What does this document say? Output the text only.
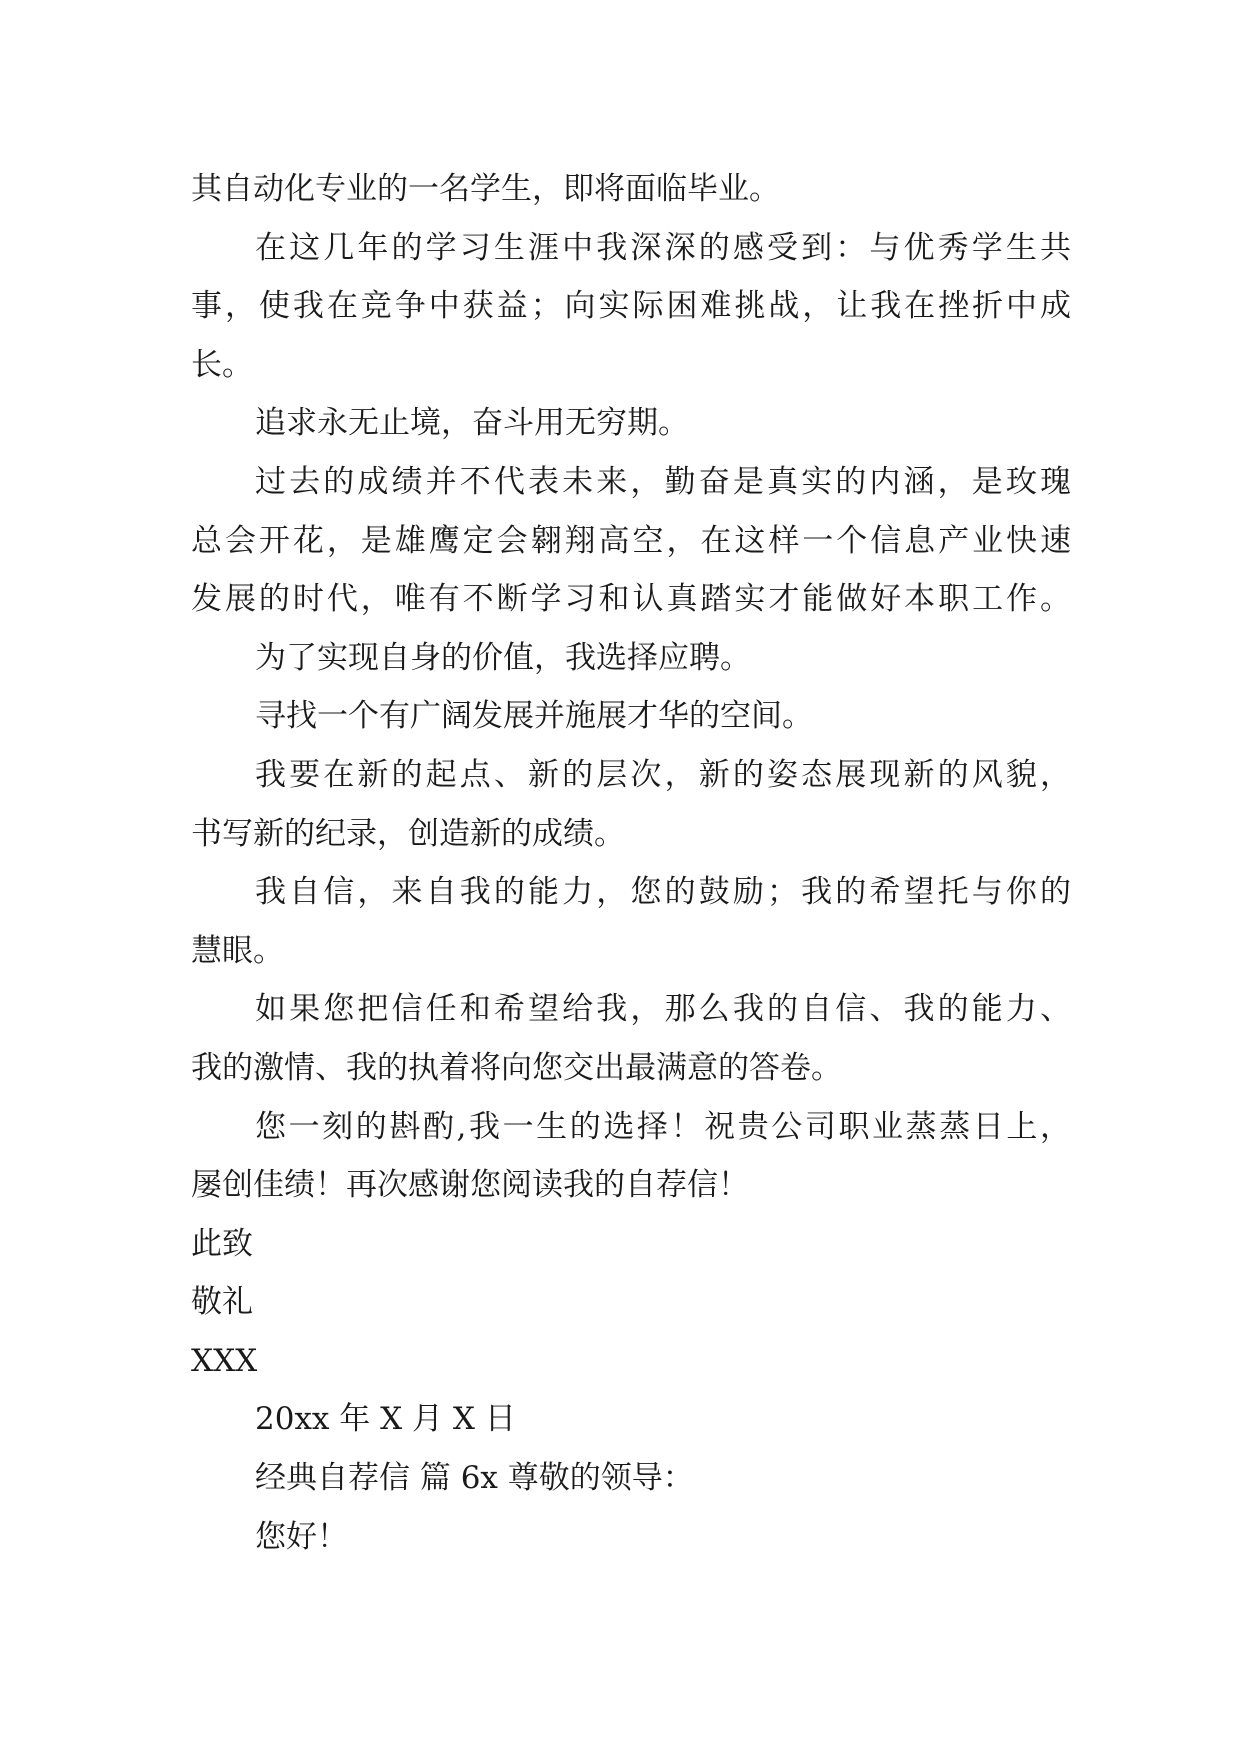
其自动化专业的一名学生，即将面临毕业。
在这几年的学习生涯中我深深的感受到：与优秀学生共
事，使我在竞争中获益；向实际困难挑战，让我在挫折中成
长。
追求永无止境，奋斗用无穷期。
过去的成绩并不代表未来，勤奋是真实的内涵，是玫瑰
总会开花，是雄鹰定会翱翔高空，在这样一个信息产业快速
发展的时代，唯有不断学习和认真踏实才能做好本职工作。
为了实现自身的价值，我选择应聘。
寻找一个有广阔发展并施展才华的空间。
我要在新的起点、新的层次，新的姿态展现新的风貌，
书写新的纪录，创造新的成绩。
我自信，来自我的能力，您的鼓励；我的希望托与你的
慧眼。
如果您把信任和希望给我，那么我的自信、我的能力、
我的激情、我的执着将向您交出最满意的答卷。
您一刻的斟酌,我一生的选择！祝贵公司职业蒸蒸日上，
屡创佳绩！再次感谢您阅读我的自荐信！
此致
敬礼
XXX
20xx 年 X 月 X 日
经典自荐信 篇 6x 尊敬的领导：
您好！
